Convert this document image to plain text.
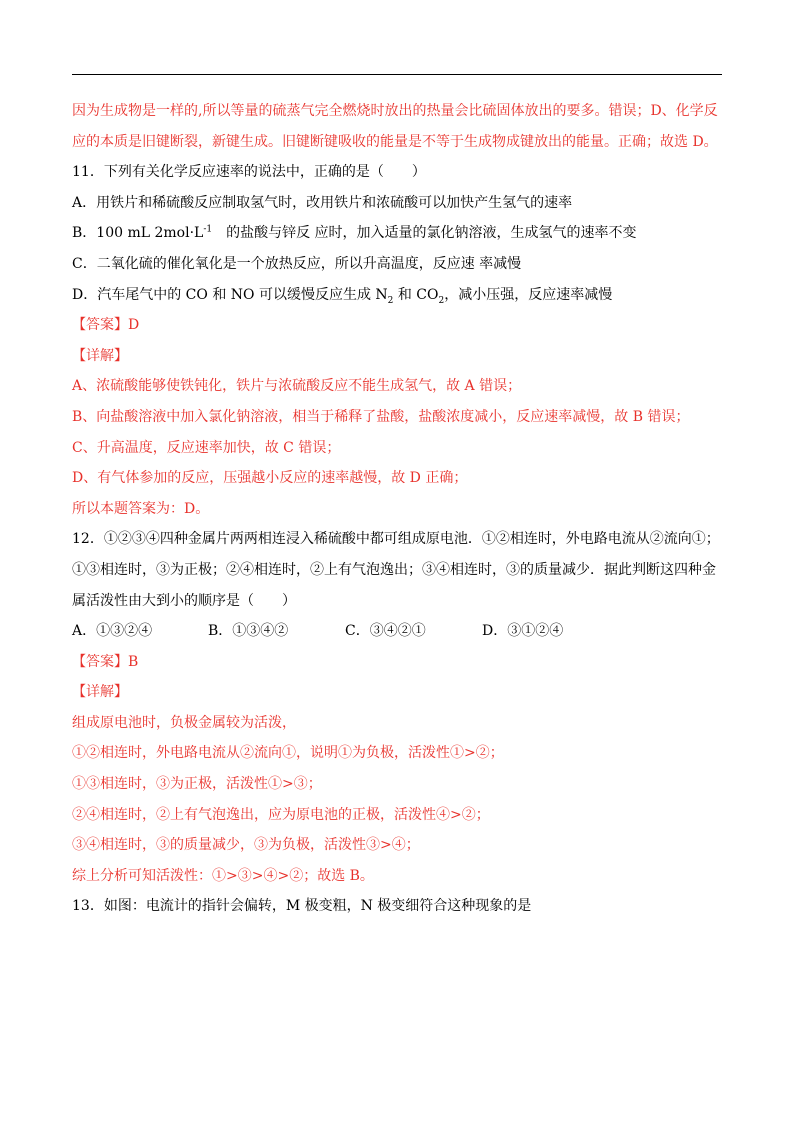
因为生成物是一样的,所以等量的硫蒸气完全燃烧时放出的热量会比硫固体放出的要多。错误；D、化学反
应的本质是旧键断裂，新键生成。旧键断键吸收的能量是不等于生成物成键放出的能量。正确；故选 D。
11．下列有关化学反应速率的说法中，正确的是（　　）
A．用铁片和稀硫酸反应制取氢气时，改用铁片和浓硫酸可以加快产生氢气的速率
B．100 mL $2mol\cdot L^{-1}$　的盐酸与锌反 应时，加入适量的氯化钠溶液，生成氢气的速率不变
C．二氧化硫的催化氧化是一个放热反应，所以升高温度，反应速 率减慢
D．汽车尾气中的 CO 和 NO 可以缓慢反应生成 $N_2$ 和 $CO_2$，减小压强，反应速率减慢
【答案】D
【详解】
A、浓硫酸能够使铁钝化，铁片与浓硫酸反应不能生成氢气，故 A 错误；
B、向盐酸溶液中加入氯化钠溶液，相当于稀释了盐酸，盐酸浓度减小，反应速率减慢，故 B 错误；
C、升高温度，反应速率加快，故 C 错误；
D、有气体参加的反应，压强越小反应的速率越慢，故 D 正确；
所以本题答案为：D。
12．①②③④四种金属片两两相连浸入稀硫酸中都可组成原电池．①②相连时，外电路电流从②流向①；
①③相连时，③为正极；②④相连时，②上有气泡逸出；③④相连时，③的质量减少．据此判断这四种金
属活泼性由大到小的顺序是（　　）
A．①③②④	B．①③④②	C．③④②①	D．③①②④
【答案】B
【详解】
组成原电池时，负极金属较为活泼，
①②相连时，外电路电流从②流向①，说明①为负极，活泼性①>②；
①③相连时，③为正极，活泼性①>③；
②④相连时，②上有气泡逸出，应为原电池的正极，活泼性④>②；
③④相连时，③的质量减少，③为负极，活泼性③>④；
综上分析可知活泼性：①>③>④>②；故选 B。
13．如图：电流计的指针会偏转，M 极变粗，N 极变细符合这种现象的是
